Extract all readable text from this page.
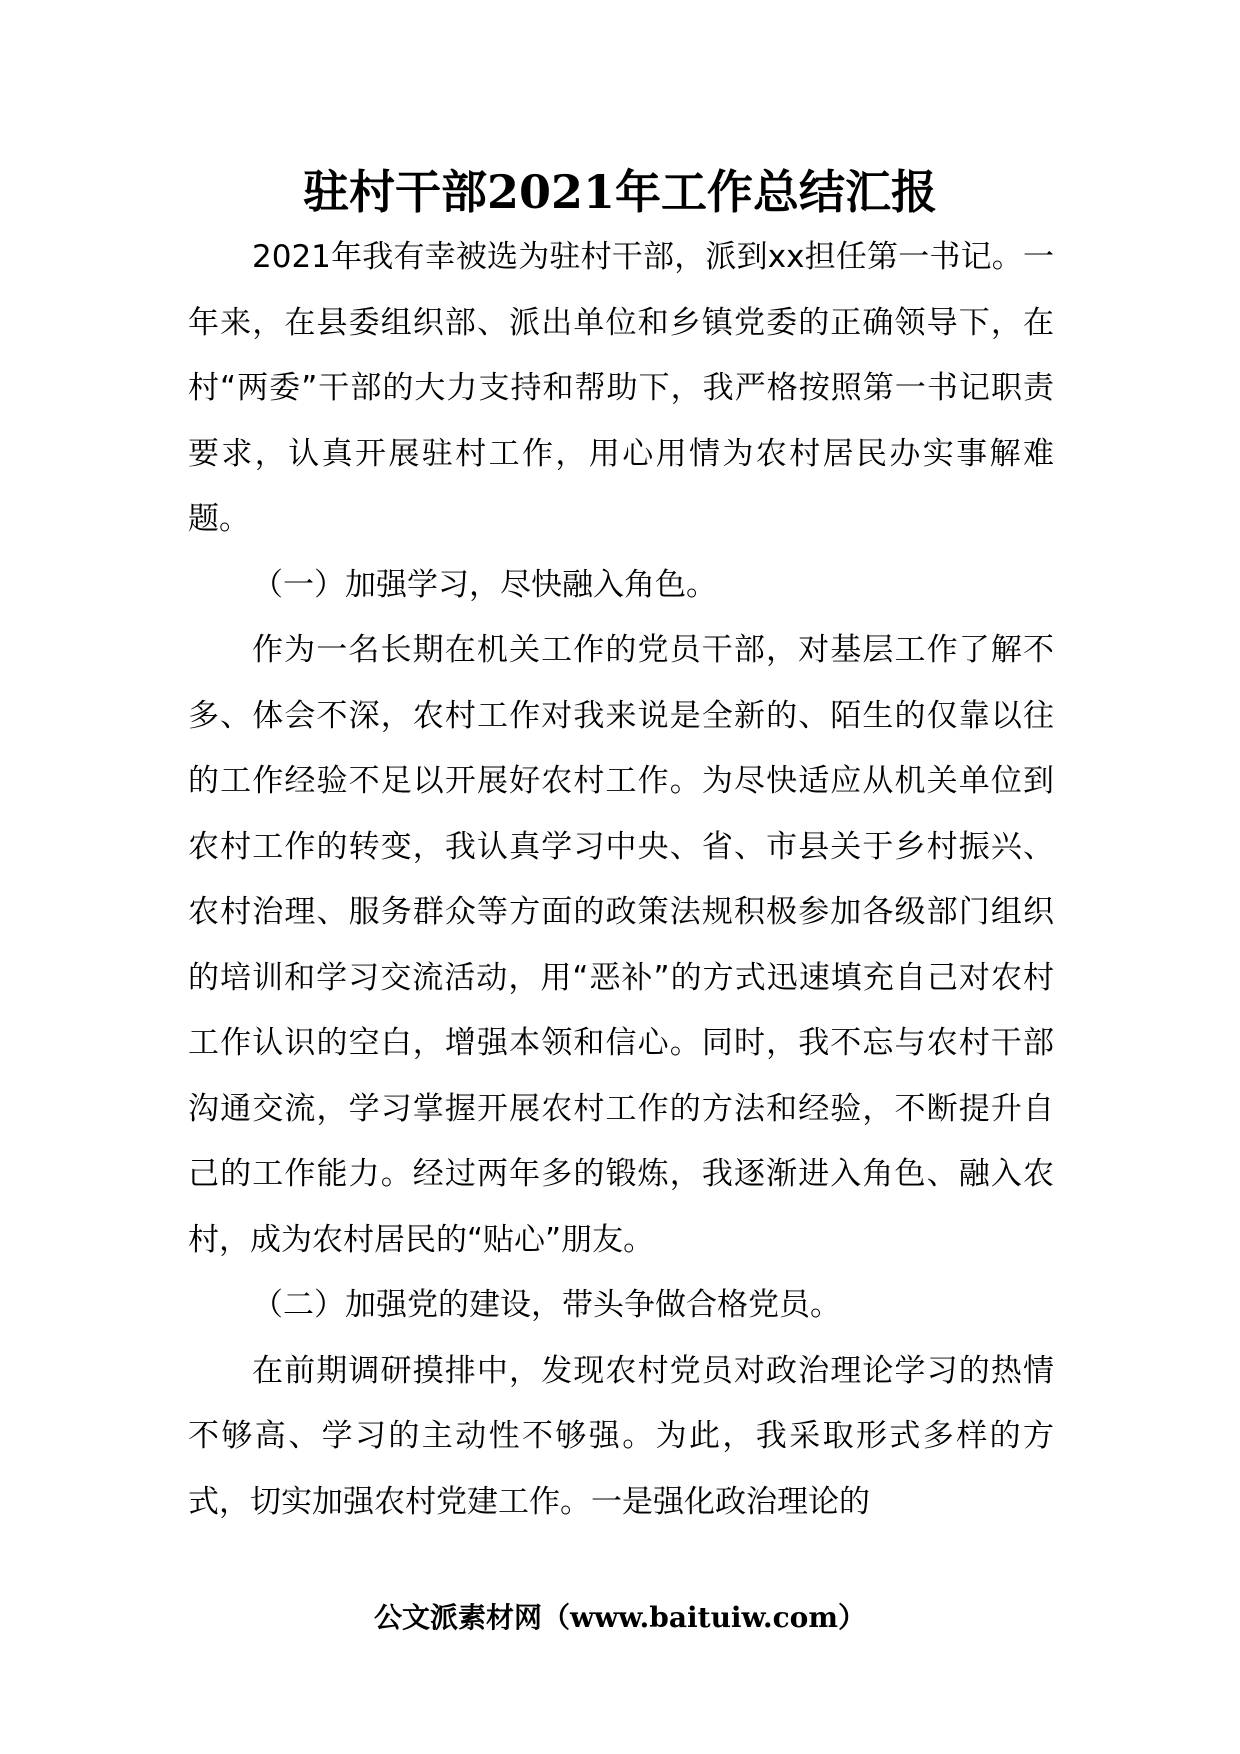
驻村干部2021年工作总结汇报

2021年我有幸被选为驻村干部，派到xx担任第一书记。一年来，在县委组织部、派出单位和乡镇党委的正确领导下，在村“两委”干部的大力支持和帮助下，我严格按照第一书记职责要求，认真开展驻村工作，用心用情为农村居民办实事解难题。

（一）加强学习，尽快融入角色。

作为一名长期在机关工作的党员干部，对基层工作了解不多、体会不深，农村工作对我来说是全新的、陌生的仅靠以往的工作经验不足以开展好农村工作。为尽快适应从机关单位到农村工作的转变，我认真学习中央、省、市县关于乡村振兴、农村治理、服务群众等方面的政策法规积极参加各级部门组织的培训和学习交流活动，用“恶补”的方式迅速填充自己对农村工作认识的空白，增强本领和信心。同时，我不忘与农村干部沟通交流，学习掌握开展农村工作的方法和经验，不断提升自己的工作能力。经过两年多的锻炼，我逐渐进入角色、融入农村，成为农村居民的“贴心”朋友。

（二）加强党的建设，带头争做合格党员。

在前期调研摸排中，发现农村党员对政治理论学习的热情不够高、学习的主动性不够强。为此，我采取形式多样的方式，切实加强农村党建工作。一是强化政治理论的

公文派素材网（www.baituiw.com）
